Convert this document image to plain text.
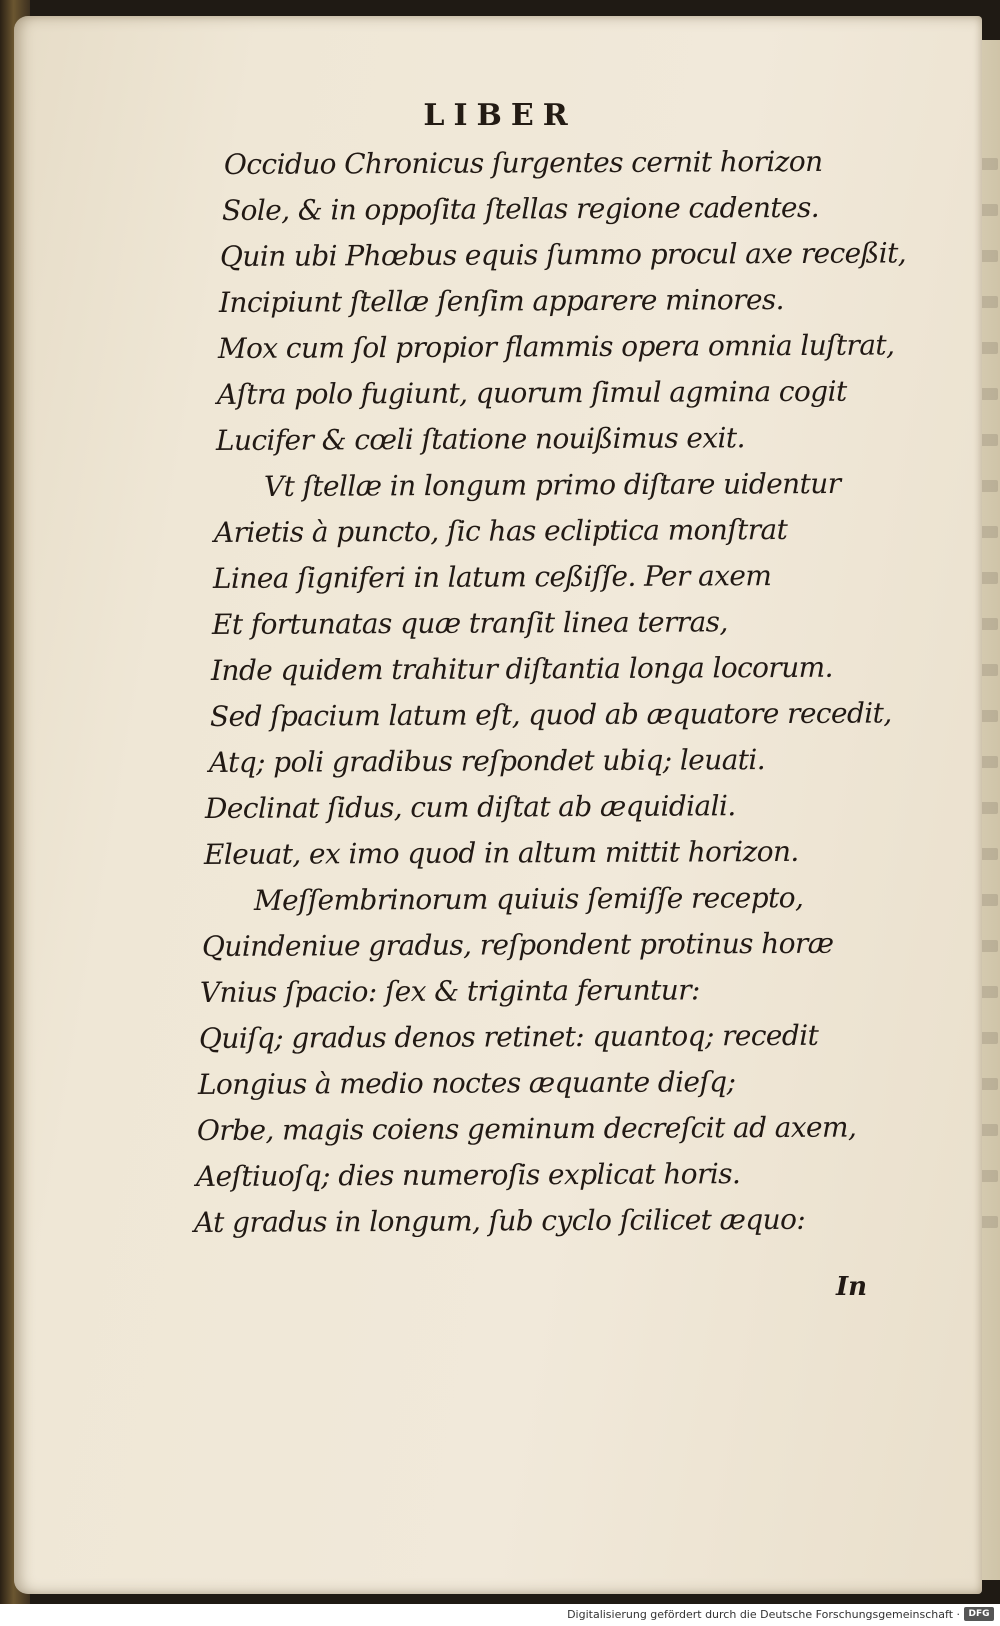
LIBER
Occiduo Chronicus ſurgentes cernit horizon
Sole, & in oppoſita ſtellas regione cadentes.
Quin ubi Phœbus equis ſummo procul axe receßit,
Incipiunt ſtellæ ſenſim apparere minores.
Mox cum ſol propior flammis opera omnia luſtrat,
Aſtra polo fugiunt, quorum ſimul agmina cogit
Lucifer & cœli ſtatione nouißimus exit.
Vt ſtellæ in longum primo diſtare uidentur
Arietis à puncto, ſic has ecliptica monſtrat
Linea ſigniferi in latum ceßiſſe. Per axem
Et fortunatas quæ tranſit linea terras,
Inde quidem trahitur diſtantia longa locorum.
Sed ſpacium latum eſt, quod ab æquatore recedit,
Atq; poli gradibus reſpondet ubiq; leuati.
Declinat ſidus, cum diſtat ab æquidiali.
Eleuat, ex imo quod in altum mittit horizon.
Meſſembrinorum quiuis ſemiſſe recepto,
Quindeniue gradus, reſpondent protinus horæ
Vnius ſpacio: ſex & triginta feruntur:
Quiſq; gradus denos retinet: quantoq; recedit
Longius à medio noctes æquante dieſq;
Orbe, magis coiens geminum decreſcit ad axem,
Aeſtiuoſq; dies numeroſis explicat horis.
At gradus in longum, ſub cyclo ſcilicet æquo:
In
Digitalisierung gefördert durch die Deutsche Forschungsgemeinschaft · DFG
